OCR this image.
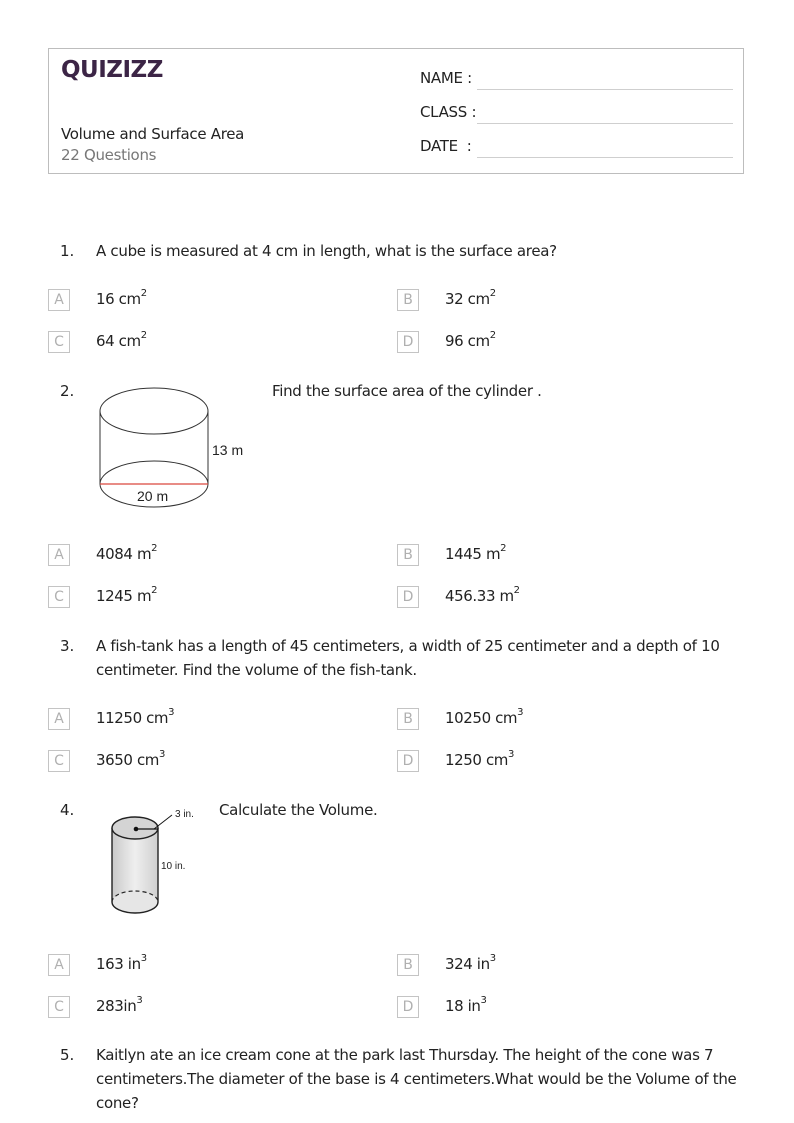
QUIZIZZ
Volume and Surface Area
22 Questions
NAME :
CLASS :
DATE  :
1. A cube is measured at 4 cm in length, what is the surface area?
A	16 $cm^2$	B	32 $cm^2$
C	64 $cm^2$	D	96 $cm^2$
2.
13 m
20 m
Find the surface area of the cylinder .
A	4084 $m^2$	B	1445 $m^2$
C	1245 $m^2$	D	456.33 $m^2$
3. A fish-tank has a length of 45 centimeters, a width of 25 centimeter and a depth of 10
centimeter. Find the volume of the fish-tank.
A	11250 $cm^3$	B	10250 $cm^3$
C	3650 $cm^3$	D	1250 $cm^3$
4.	3 in.
10 in.
Calculate the Volume.
A	163 $in^3$	B	324 $in^3$
C	$283in^3$	D	18 $in^3$
5. Kaitlyn ate an ice cream cone at the park last Thursday. The height of the cone was 7
centimeters.The diameter of the base is 4 centimeters.What would be the Volume of the
cone?
